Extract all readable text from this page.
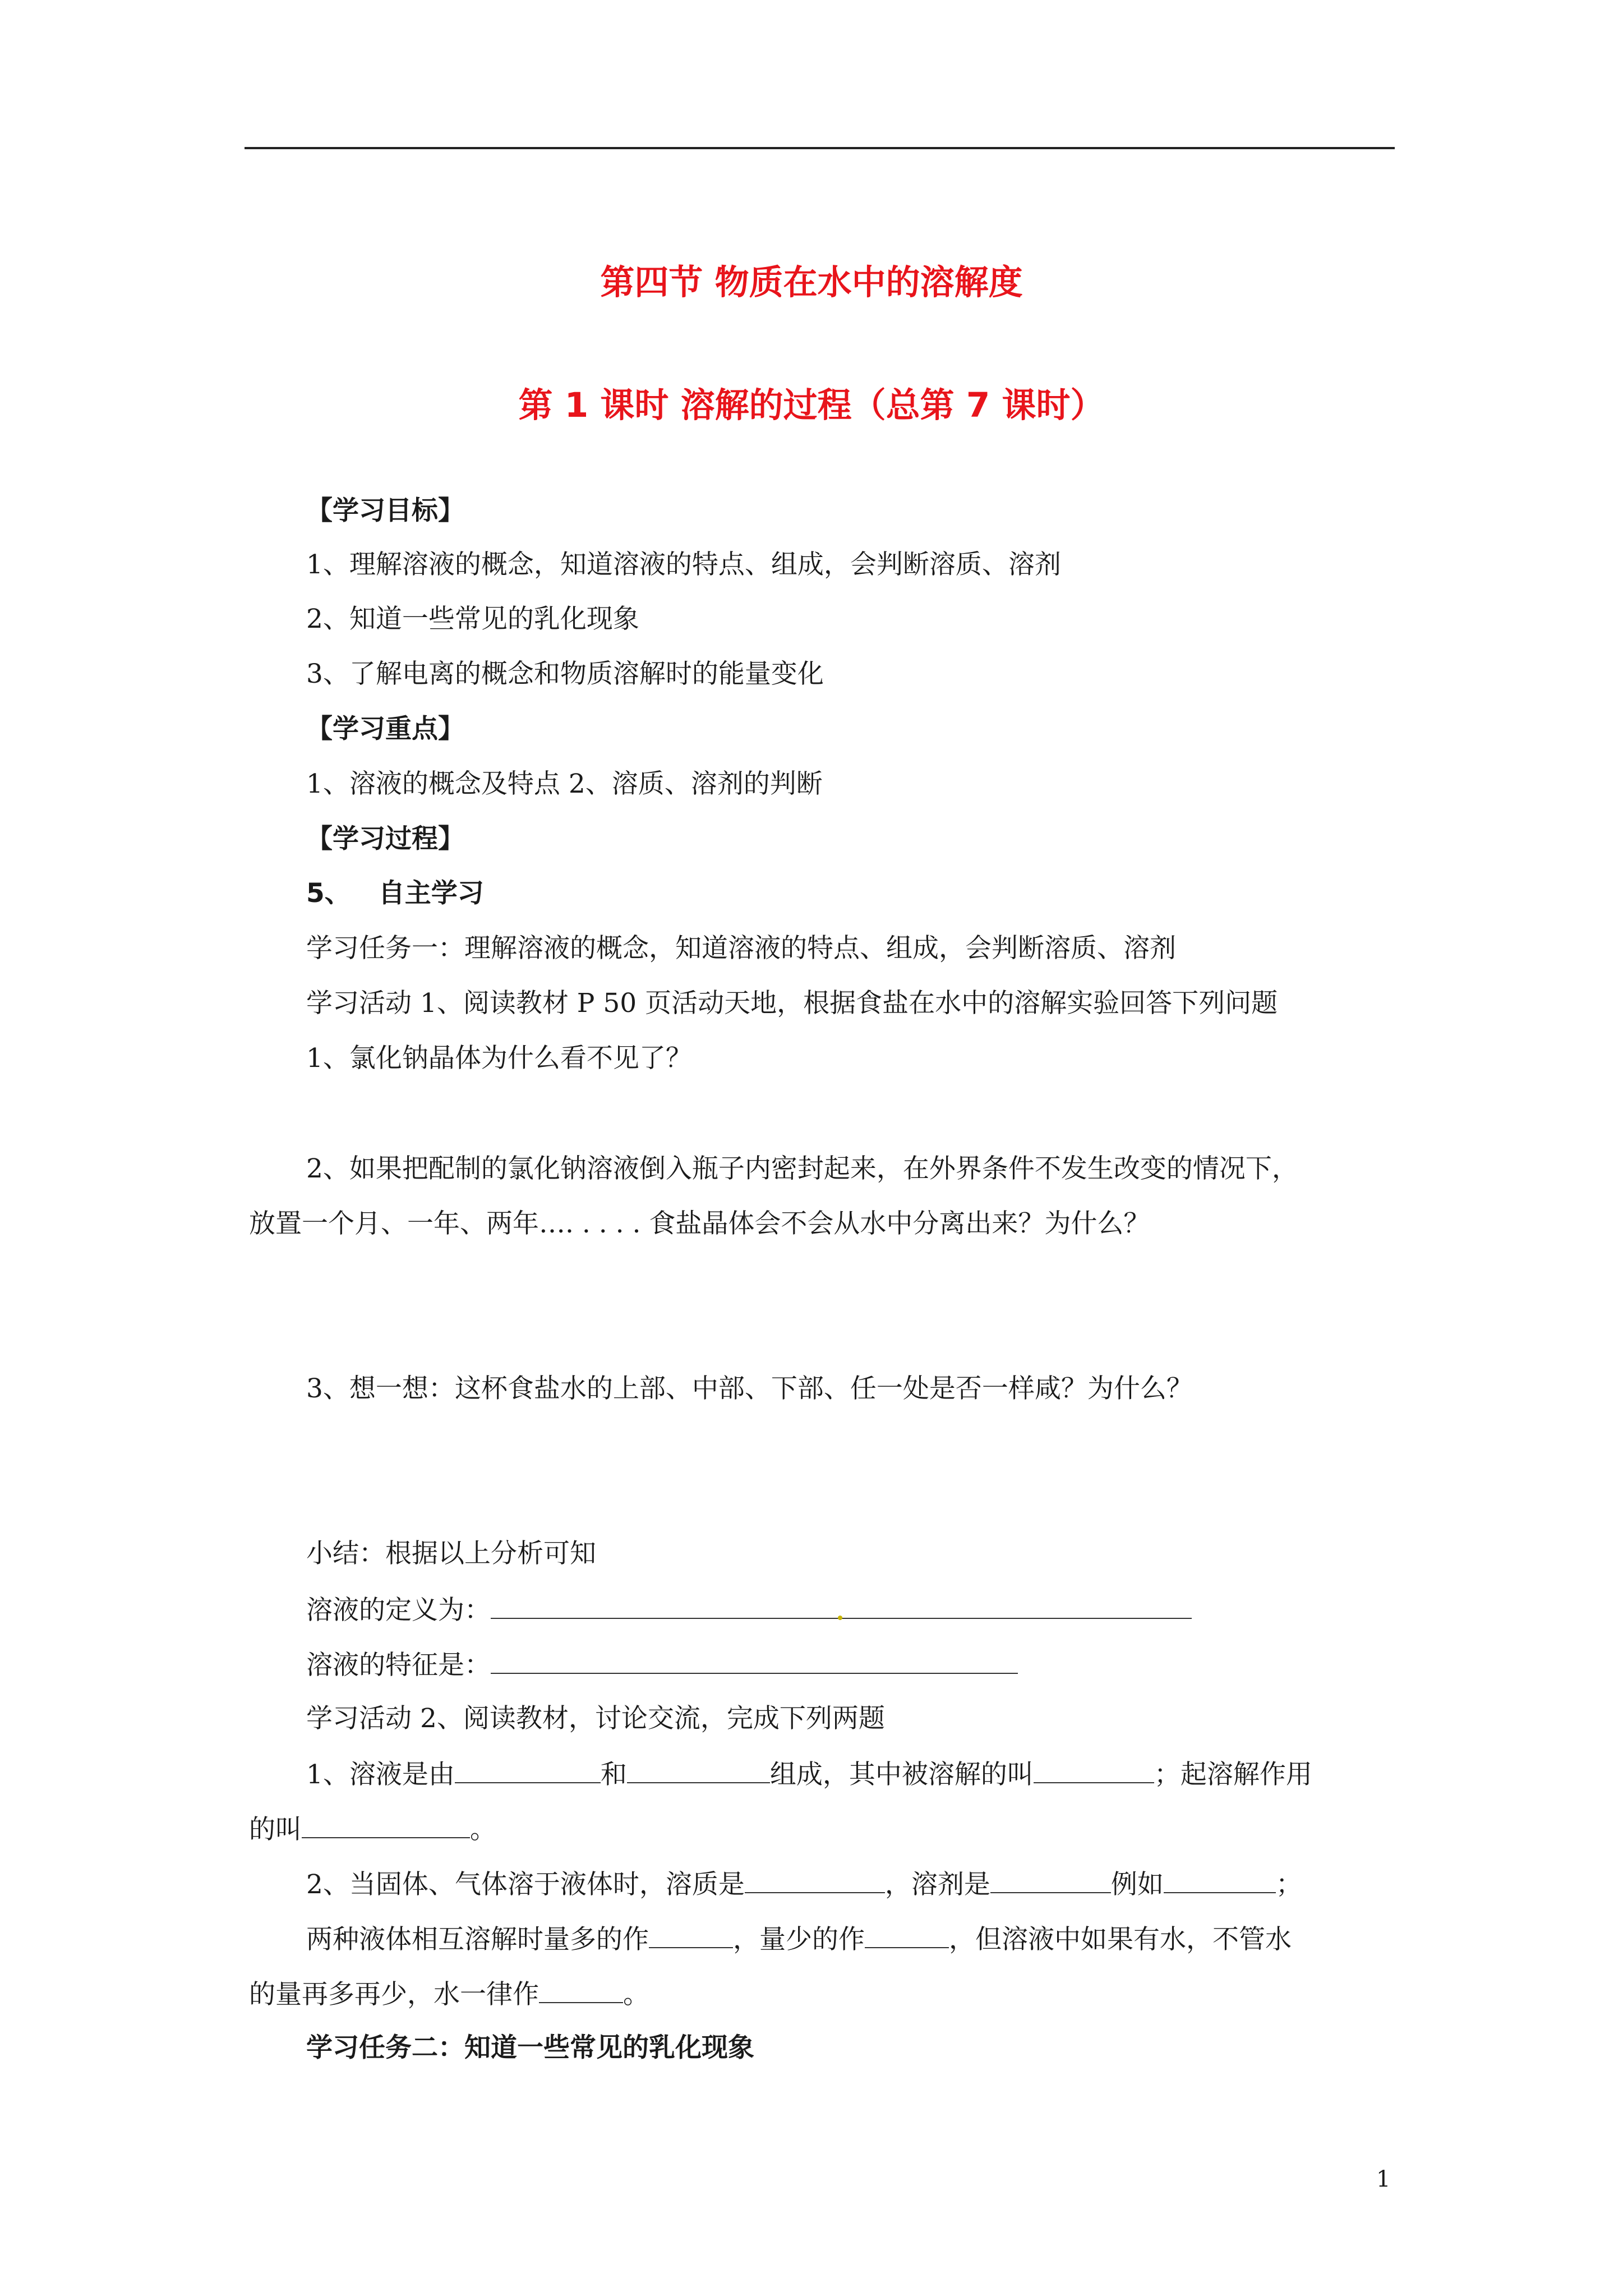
第四节 物质在水中的溶解度
第 1 课时 溶解的过程（总第 7 课时）
【学习目标】
1、理解溶液的概念，知道溶液的特点、组成，会判断溶质、溶剂
2、知道一些常见的乳化现象
3、了解电离的概念和物质溶解时的能量变化
【学习重点】
1、溶液的概念及特点 2、溶质、溶剂的判断
【学习过程】
5、   自主学习
学习任务一：理解溶液的概念，知道溶液的特点、组成，会判断溶质、溶剂
学习活动 1、阅读教材 P 50 页活动天地，根据食盐在水中的溶解实验回答下列问题
1、氯化钠晶体为什么看不见了？
2、如果把配制的氯化钠溶液倒入瓶子内密封起来，在外界条件不发生改变的情况下，
放置一个月、一年、两年…. . . . . 食盐晶体会不会从水中分离出来？为什么？
3、想一想：这杯食盐水的上部、中部、下部、任一处是否一样咸？为什么？
小结：根据以上分析可知
溶液的定义为：
溶液的特征是：
学习活动 2、阅读教材，讨论交流，完成下列两题
1、溶液是由	和	组成，其中被溶解的叫	；起溶解作用
的叫	。
2、当固体、气体溶于液体时，溶质是	，溶剂是	例如	；
两种液体相互溶解时量多的作	，量少的作	，但溶液中如果有水，不管水
的量再多再少，水一律作	。
学习任务二：知道一些常见的乳化现象
1
